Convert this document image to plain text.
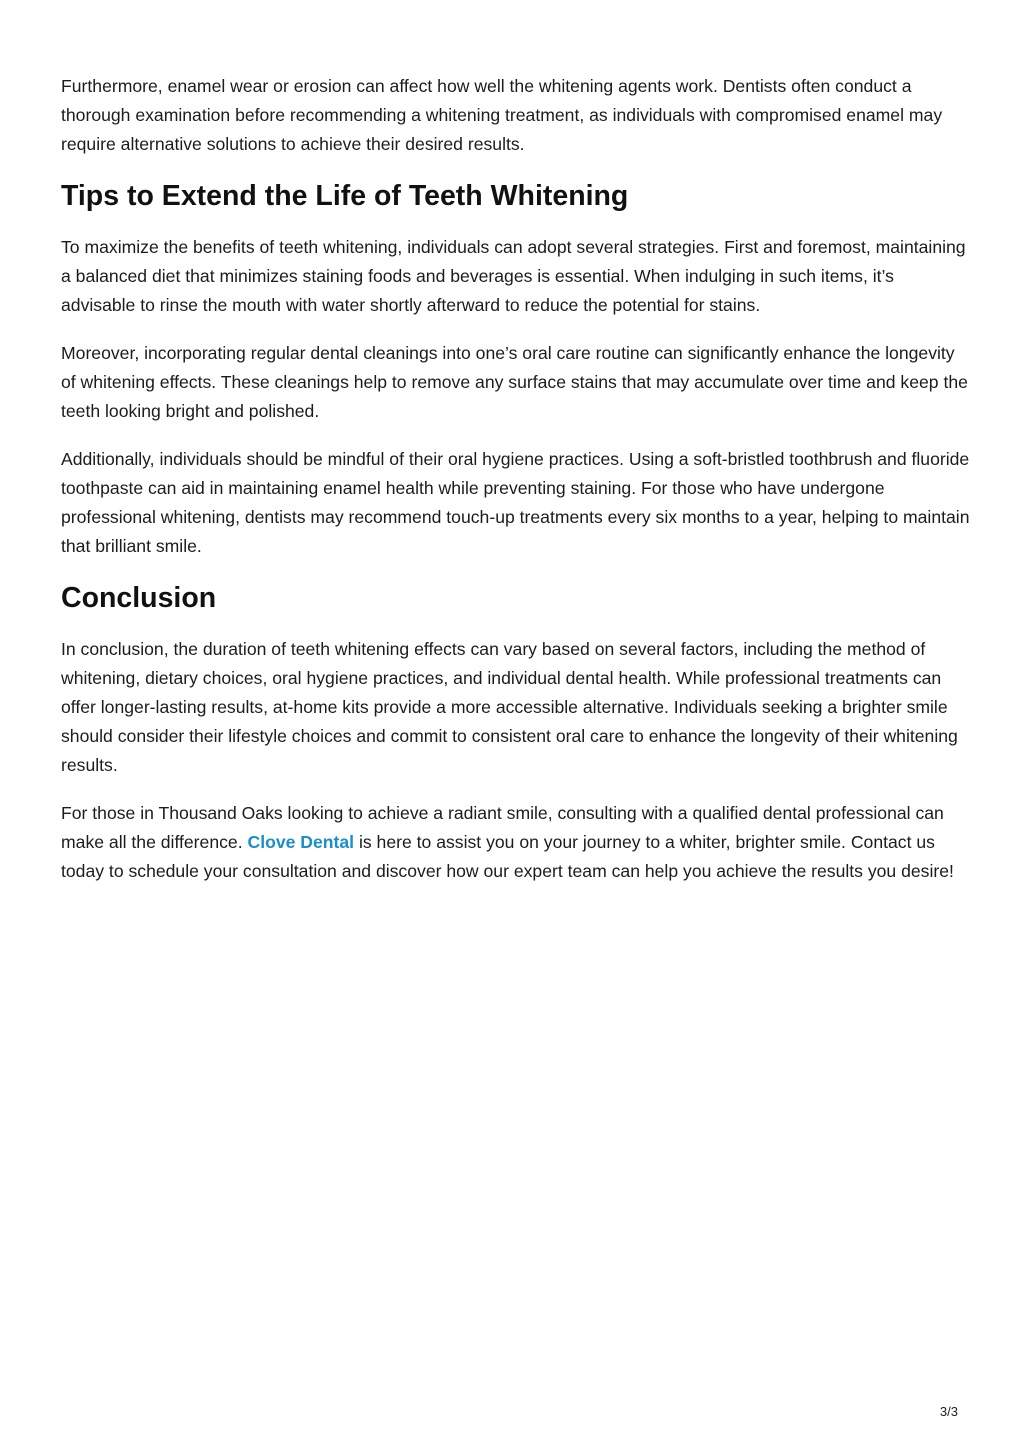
Furthermore, enamel wear or erosion can affect how well the whitening agents work. Dentists often conduct a thorough examination before recommending a whitening treatment, as individuals with compromised enamel may require alternative solutions to achieve their desired results.

Tips to Extend the Life of Teeth Whitening

To maximize the benefits of teeth whitening, individuals can adopt several strategies. First and foremost, maintaining a balanced diet that minimizes staining foods and beverages is essential. When indulging in such items, it’s advisable to rinse the mouth with water shortly afterward to reduce the potential for stains.

Moreover, incorporating regular dental cleanings into one’s oral care routine can significantly enhance the longevity of whitening effects. These cleanings help to remove any surface stains that may accumulate over time and keep the teeth looking bright and polished.

Additionally, individuals should be mindful of their oral hygiene practices. Using a soft-bristled toothbrush and fluoride toothpaste can aid in maintaining enamel health while preventing staining. For those who have undergone professional whitening, dentists may recommend touch-up treatments every six months to a year, helping to maintain that brilliant smile.

Conclusion

In conclusion, the duration of teeth whitening effects can vary based on several factors, including the method of whitening, dietary choices, oral hygiene practices, and individual dental health. While professional treatments can offer longer-lasting results, at-home kits provide a more accessible alternative. Individuals seeking a brighter smile should consider their lifestyle choices and commit to consistent oral care to enhance the longevity of their whitening results.

For those in Thousand Oaks looking to achieve a radiant smile, consulting with a qualified dental professional can make all the difference. Clove Dental is here to assist you on your journey to a whiter, brighter smile. Contact us today to schedule your consultation and discover how our expert team can help you achieve the results you desire!

3/3
